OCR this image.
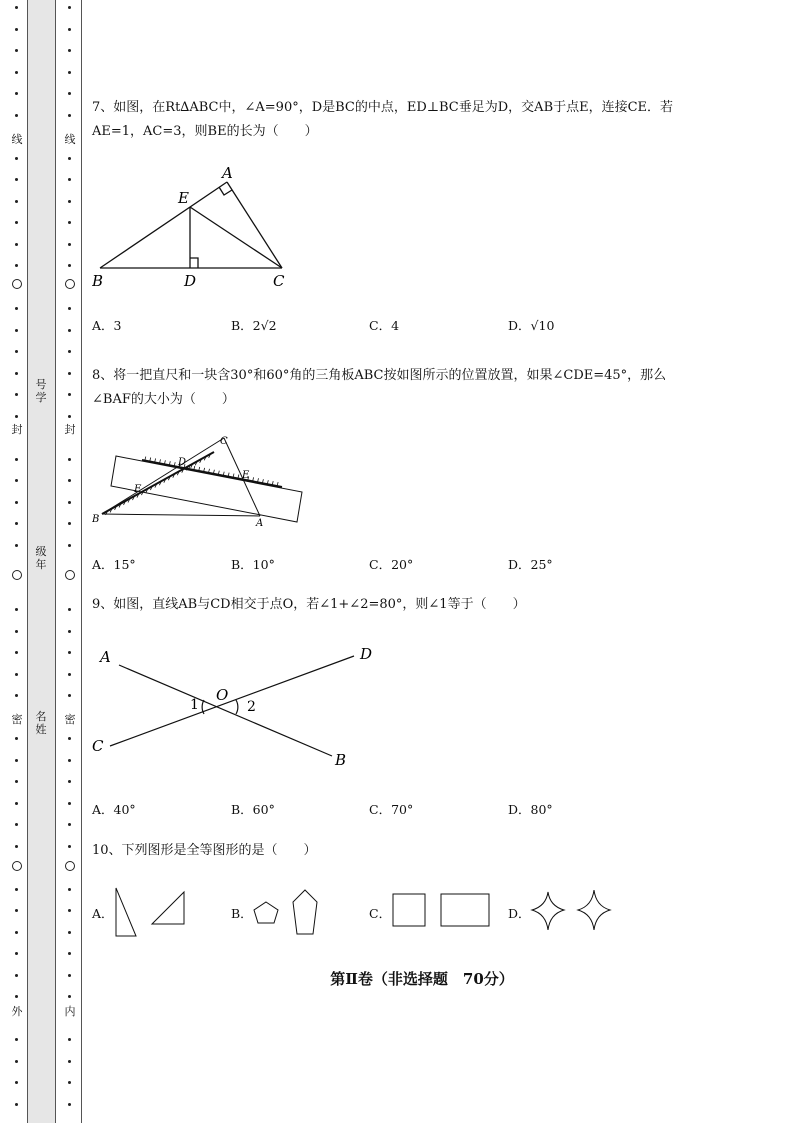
线
封
密
外
线
封
密
内
号学
级年
名姓
7、如图，在Rt∆ABC中，∠A=90°，D是BC的中点，ED⊥BC垂足为D，交AB于点E，连接CE．若
AE=1，AC=3，则BE的长为（　　）
A
E
B	D	C
A．3	B．2√2	C．4	D．√10
8、将一把直尺和一块含30°和60°角的三角板ABC按如图所示的位置放置，如果∠CDE=45°，那么
∠BAF的大小为（　　）
C
D
E
F
B	A
A．15°	B．10°	C．20°	D．25°
9、如图，直线AB与CD相交于点O，若∠1+∠2=80°，则∠1等于（　　）
A	D
O
1	2
C
B
A．40°	B．60°	C．70°	D．80°
10、下列图形是全等图形的是（　　）
A．	B．	C．	D．
第Ⅱ卷（非选择题　70分）
